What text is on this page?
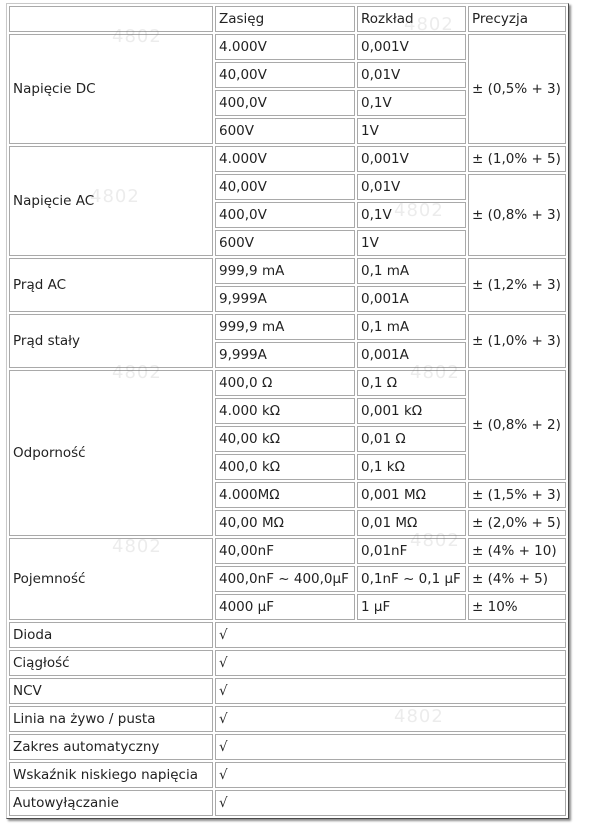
	Zasięg	Rozkład	Precyzja
Napięcie DC	4.000V	0,001V	± (0,5% + 3)
	40,00V	0,01V	
	400,0V	0,1V	
	600V	1V	
Napięcie AC	4.000V	0,001V	± (1,0% + 5)
	40,00V	0,01V	± (0,8% + 3)
	400,0V	0,1V	
	600V	1V	
Prąd AC	999,9 mA	0,1 mA	± (1,2% + 3)
	9,999A	0,001A	
Prąd stały	999,9 mA	0,1 mA	± (1,0% + 3)
	9,999A	0,001A	
Odporność	400,0 Ω	0,1 Ω	± (0,8% + 2)
	4.000 kΩ	0,001 kΩ	
	40,00 kΩ	0,01 Ω	
	400,0 kΩ	0,1 kΩ	
	4.000MΩ	0,001 MΩ	± (1,5% + 3)
	40,00 MΩ	0,01 MΩ	± (2,0% + 5)
Pojemność	40,00nF	0,01nF	± (4% + 10)
	400,0nF ~ 400,0µF	0,1nF ~ 0,1 µF	± (4% + 5)
	4000 µF	1 µF	± 10%
Dioda	√		
Ciągłość	√		
NCV	√		
Linia na żywo / pusta	√		
Zakres automatyczny	√		
Wskaźnik niskiego napięcia	√		
Autowyłączanie	√		
